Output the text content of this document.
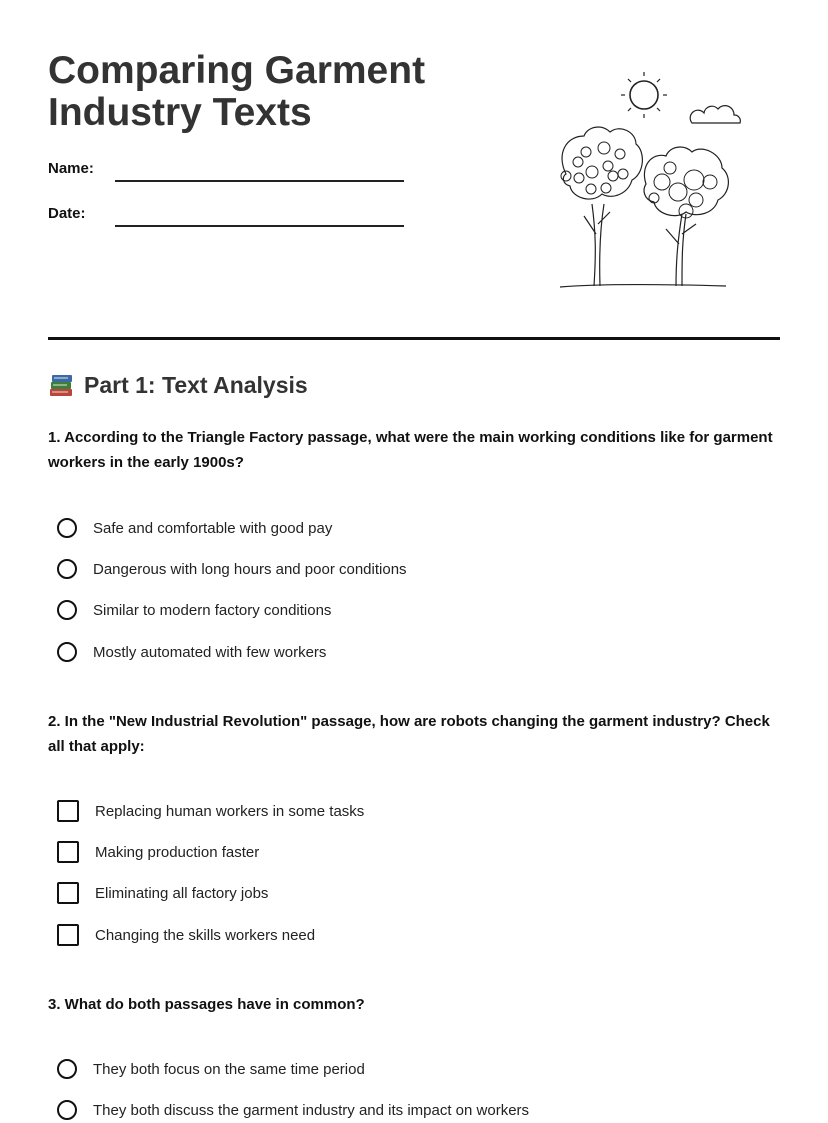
Comparing Garment
Industry Texts
Name:
Date:
Part 1: Text Analysis

1. According to the Triangle Factory passage, what were the main working conditions like for garment workers in the early 1900s?

Safe and comfortable with good pay
Dangerous with long hours and poor conditions
Similar to modern factory conditions
Mostly automated with few workers

2. In the "New Industrial Revolution" passage, how are robots changing the garment industry? Check all that apply:

Replacing human workers in some tasks
Making production faster
Eliminating all factory jobs
Changing the skills workers need

3. What do both passages have in common?

They both focus on the same time period
They both discuss the garment industry and its impact on workers
